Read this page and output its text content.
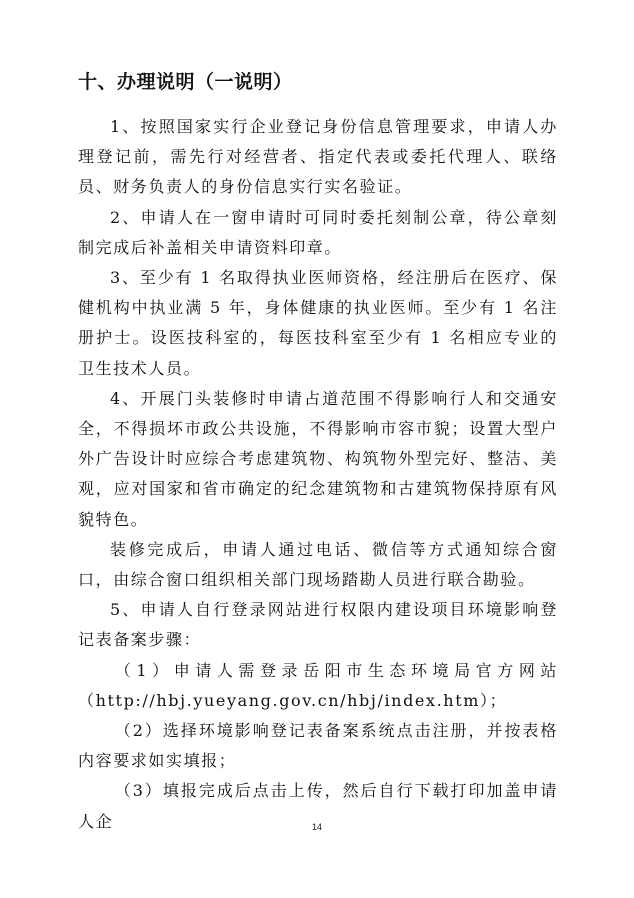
十、办理说明（一说明）

1、按照国家实行企业登记身份信息管理要求，申请人办理登记前，需先行对经营者、指定代表或委托代理人、联络员、财务负责人的身份信息实行实名验证。

2、申请人在一窗申请时可同时委托刻制公章，待公章刻制完成后补盖相关申请资料印章。

3、至少有 1 名取得执业医师资格，经注册后在医疗、保健机构中执业满 5 年，身体健康的执业医师。至少有 1 名注册护士。设医技科室的，每医技科室至少有 1 名相应专业的卫生技术人员。

4、开展门头装修时申请占道范围不得影响行人和交通安全，不得损坏市政公共设施，不得影响市容市貌；设置大型户外广告设计时应综合考虑建筑物、构筑物外型完好、整洁、美观，应对国家和省市确定的纪念建筑物和古建筑物保持原有风貌特色。

装修完成后，申请人通过电话、微信等方式通知综合窗口，由综合窗口组织相关部门现场踏勘人员进行联合勘验。

5、申请人自行登录网站进行权限内建设项目环境影响登记表备案步骤：

（1）申请人需登录岳阳市生态环境局官方网站（http://hbj.yueyang.gov.cn/hbj/index.htm）；

（2）选择环境影响登记表备案系统点击注册，并按表格内容要求如实填报；

（3）填报完成后点击上传，然后自行下载打印加盖申请人企	14
